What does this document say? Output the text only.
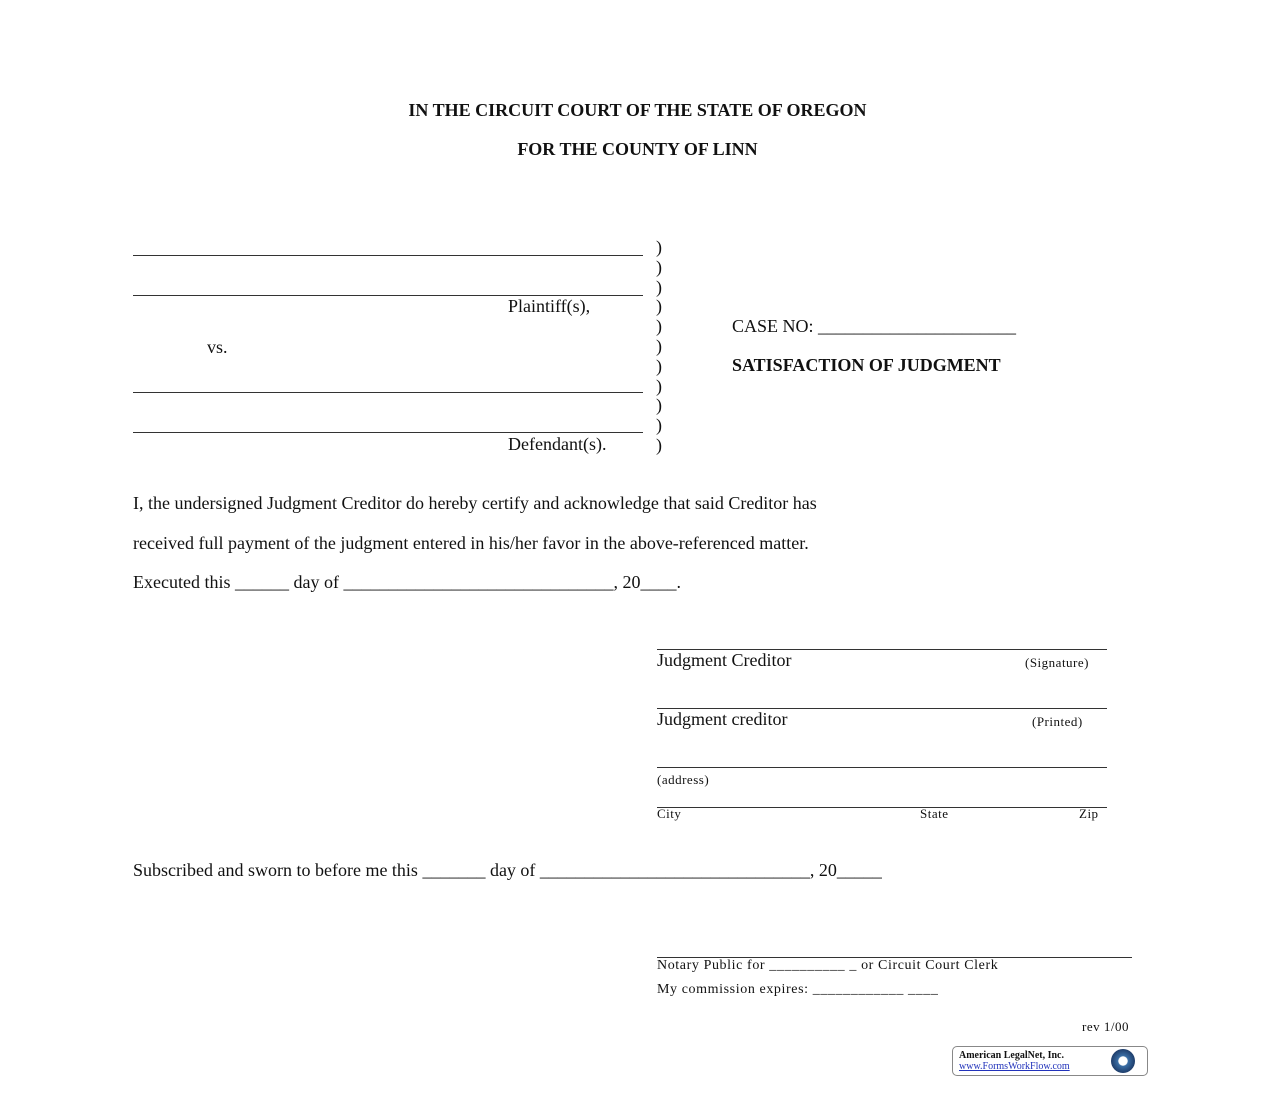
IN THE CIRCUIT COURT OF THE STATE OF OREGON
FOR THE COUNTY OF LINN
Plaintiff(s),
vs.
Defendant(s).
)
)
)
)
)
)
)
)
)
)
)
CASE NO: ______________________
SATISFACTION OF JUDGMENT
I, the undersigned Judgment Creditor do hereby certify and acknowledge that said Creditor has
received full payment of the judgment entered in his/her favor in the above-referenced matter.
Executed this ______ day of ______________________________, 20____.
Judgment Creditor	(Signature)
Judgment creditor	(Printed)
(address)
City	State	Zip
Subscribed and sworn to before me this _______ day of ______________________________, 20_____
Notary Public for __________ _ or Circuit Court Clerk
My commission expires: ____________ ____
rev 1/00
American LegalNet, Inc.
www.FormsWorkFlow.com
